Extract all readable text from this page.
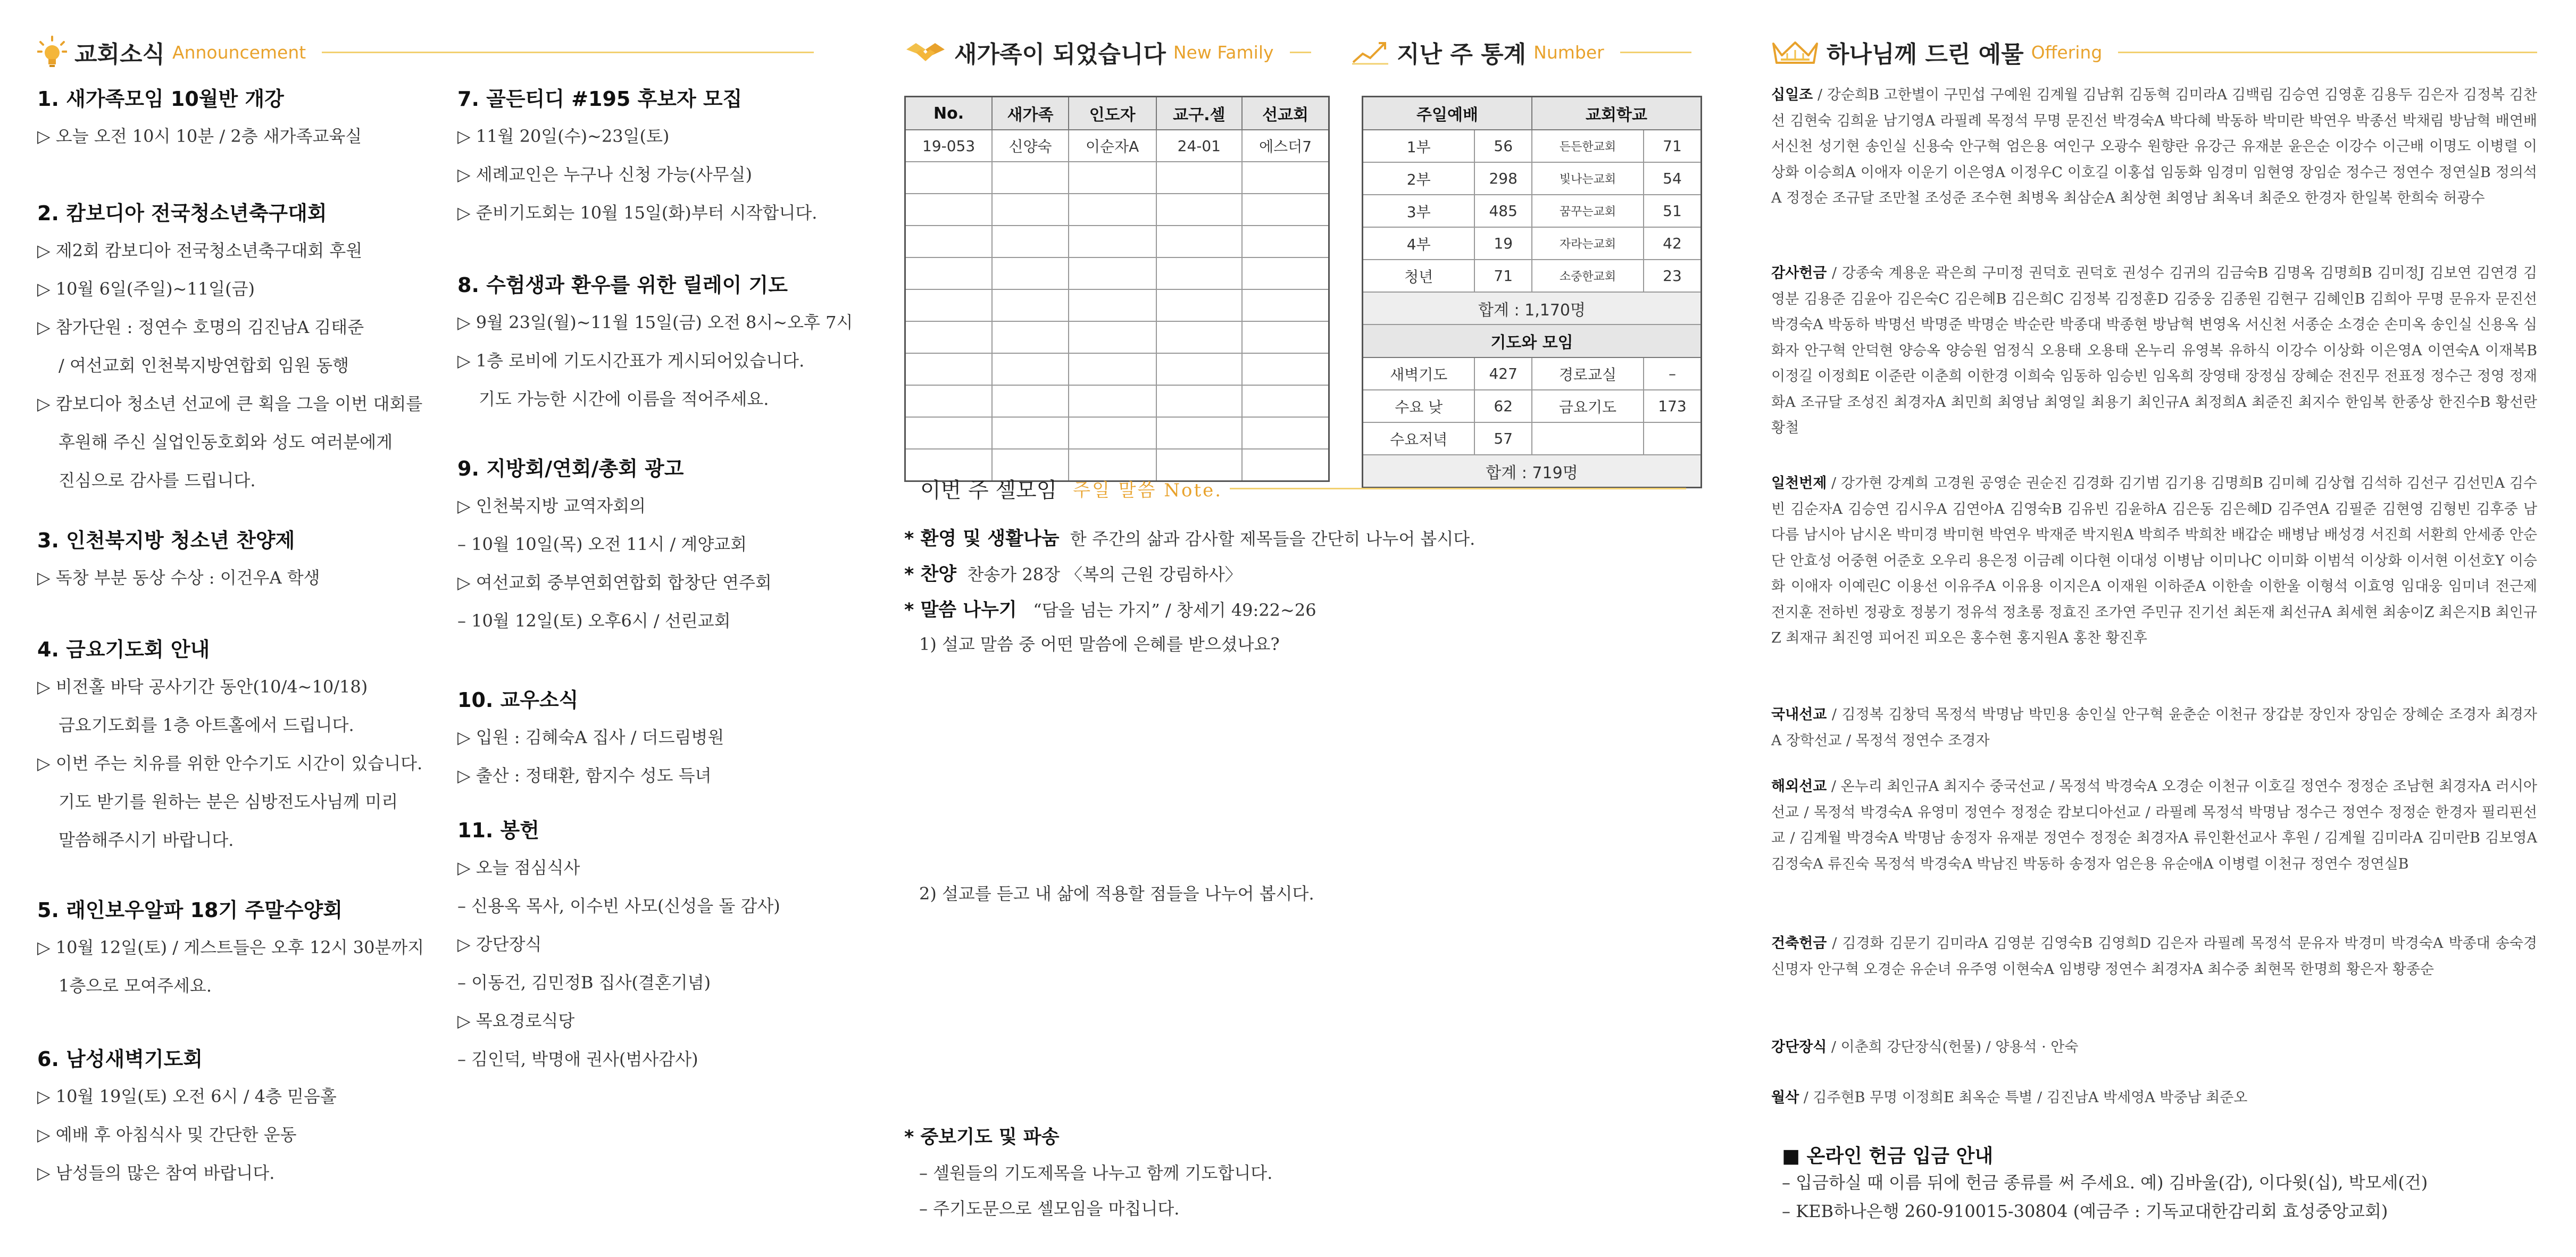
교회소식 Announcement
1. 새가족모임 10월반 개강
▷ 오늘 오전 10시 10분 / 2층 새가족교육실
2. 캄보디아 전국청소년축구대회
▷ 제2회 캄보디아 전국청소년축구대회 후원
▷ 10월 6일(주일)~11일(금)
▷ 참가단원 : 정연수 호명의 김진남A 김태준
/ 여선교회 인천북지방연합회 임원 동행
▷ 캄보디아 청소년 선교에 큰 획을 그을 이번 대회를
후원해 주신 실업인동호회와 성도 여러분에게
진심으로 감사를 드립니다.
3. 인천북지방 청소년 찬양제
▷ 독창 부분 동상 수상 : 이건우A 학생
4. 금요기도회 안내
▷ 비전홀 바닥 공사기간 동안(10/4~10/18)
금요기도회를 1층 아트홀에서 드립니다.
▷ 이번 주는 치유를 위한 안수기도 시간이 있습니다.
기도 받기를 원하는 분은 심방전도사님께 미리
말씀해주시기 바랍니다.
5. 래인보우알파 18기 주말수양회
▷ 10월 12일(토) / 게스트들은 오후 12시 30분까지
1층으로 모여주세요.
6. 남성새벽기도회
▷ 10월 19일(토) 오전 6시 / 4층 믿음홀
▷ 예배 후 아침식사 및 간단한 운동
▷ 남성들의 많은 참여 바랍니다.
7. 골든티디 #195 후보자 모집
▷ 11월 20일(수)~23일(토)
▷ 세례교인은 누구나 신청 가능(사무실)
▷ 준비기도회는 10월 15일(화)부터 시작합니다.
8. 수험생과 환우를 위한 릴레이 기도
▷ 9월 23일(월)~11월 15일(금) 오전 8시~오후 7시
▷ 1층 로비에 기도시간표가 게시되어있습니다.
기도 가능한 시간에 이름을 적어주세요.
9. 지방회/연회/총회 광고
▷ 인천북지방 교역자회의
– 10월 10일(목) 오전 11시 / 계양교회
▷ 여선교회 중부연회연합회 합창단 연주회
– 10월 12일(토) 오후6시 / 선린교회
10. 교우소식
▷ 입원 : 김혜숙A 집사 / 더드림병원
▷ 출산 : 정태환, 함지수 성도 득녀
11. 봉헌
▷ 오늘 점심식사
– 신용옥 목사, 이수빈 사모(신성을 돌 감사)
▷ 강단장식
– 이동건, 김민정B 집사(결혼기념)
▷ 목요경로식당
– 김인덕, 박명애 권사(범사감사)
새가족이 되었습니다 New Family	지난 주 통계 Number
No.	새가족	인도자	교구.셀	선교회
19-053	신양숙	이순자A	24-01	에스더7

주일예배		교회학교	
1부	56	든든한교회	71
2부	298	빛나는교회	54
3부	485	꿈꾸는교회	51
4부	19	자라는교회	42
청년	71	소중한교회	23
합계 : 1,170명			
기도와 모임			
새벽기도	427	경로교실	–
수요 낮	62	금요기도	173
수요저녁	57		
합계 : 719명			
이번 주 셀모임 주일 말씀 Note.
* 환영 및 생활나눔 한 주간의 삶과 감사할 제목들을 간단히 나누어 봅시다.
* 찬양 찬송가 28장 〈복의 근원 강림하사〉
* 말씀 나누기 “담을 넘는 가지” / 창세기 49:22~26
1) 설교 말씀 중 어떤 말씀에 은혜를 받으셨나요?
2) 설교를 듣고 내 삶에 적용할 점들을 나누어 봅시다.
* 중보기도 및 파송
– 셀원들의 기도제목을 나누고 함께 기도합니다.
– 주기도문으로 셀모임을 마칩니다.
하나님께 드린 예물 Offering
십일조 / 강순희B 고한별이 구민섭 구예원 김계월 김남휘 김동혁 김미라A 김백림 김승연 김영훈 김용두 김은자 김정복 김찬선 김현숙 김희윤 남기영A 라필례 목정석 무명 문진선 박경숙A 박다혜 박동하 박미란 박연우 박종선 박채림 방남혁 배연배 서신천 성기현 송인실 신용숙 안구혁 엄은용 여인구 오광수 원향란 유강근 유재분 윤은순 이강수 이근배 이명도 이병렬 이상화 이승희A 이애자 이운기 이은영A 이정우C 이호길 이홍섭 임동화 임경미 임현영 장임순 정수근 정연수 정연실B 정의석A 정정순 조규달 조만철 조성준 조수현 최병옥 최삼순A 최상현 최영남 최옥녀 최준오 한경자 한일복 한희숙 허광수
감사헌금 / 강종숙 계용운 곽은희 구미정 권덕호 권덕호 권성수 김귀의 김금숙B 김명옥 김명희B 김미정J 김보연 김연경 김영분 김용준 김윤아 김은숙C 김은혜B 김은희C 김정복 김정훈D 김중웅 김종원 김현구 김혜인B 김희아 무명 문유자 문진선 박경숙A 박동하 박명선 박명준 박명순 박순란 박종대 박종현 방남혁 변영옥 서신천 서종순 소경순 손미옥 송인실 신용옥 심화자 안구혁 안덕현 양승옥 양승원 엄정식 오용태 오용태 온누리 유영복 유하식 이강수 이상화 이은영A 이연숙A 이재복B 이정길 이정희E 이준란 이춘희 이한경 이희숙 임동하 임승빈 임옥희 장영태 장정심 장혜순 전진무 전표정 정수근 정영 정재화A 조규달 조성진 최경자A 최민희 최영남 최영일 최용기 최인규A 최정희A 최준진 최지수 한임복 한종상 한진수B 황선란 황철
일천번제 / 강가현 강계희 고경원 공영순 권순진 김경화 김기범 김기용 김명희B 김미혜 김상협 김석하 김선구 김선민A 김수빈 김순자A 김승연 김시우A 김연아A 김영숙B 김유빈 김윤하A 김은동 김은혜D 김주연A 김필준 김현영 김형빈 김후중 남다름 남시아 남시온 박미경 박미현 박연우 박재준 박지원A 박희주 박희찬 배갑순 배병남 배성경 서진희 서환희 안세종 안순단 안효성 어중현 어준호 오우리 용은정 이금례 이다현 이대성 이병남 이미나C 이미화 이범석 이상화 이서현 이선호Y 이승화 이애자 이예린C 이용선 이유주A 이유용 이지은A 이재원 이하준A 이한솔 이한울 이형석 이효영 임대웅 임미녀 전근제 전지훈 전하빈 정광호 정봉기 정유석 정초롱 정효진 조가연 주민규 진기선 최돈재 최선규A 최세현 최송이Z 최은지B 최인규Z 최재규 최진영 피어진 피오은 홍수현 홍지원A 홍찬 황진후
국내선교 / 김정복 김창덕 목정석 박명남 박민용 송인실 안구혁 윤춘순 이천규 장갑분 장인자 장임순 장혜순 조경자 최경자A 장학선교 / 목정석 정연수 조경자
해외선교 / 온누리 최인규A 최지수 중국선교 / 목정석 박경숙A 오경순 이천규 이호길 정연수 정정순 조남현 최경자A 러시아선교 / 목정석 박경숙A 유영미 정연수 정정순 캄보디아선교 / 라필례 목정석 박명남 정수근 정연수 정정순 한경자 필리핀선교 / 김계월 박경숙A 박명남 송정자 유재분 정연수 정정순 최경자A 류인환선교사 후원 / 김계월 김미라A 김미란B 김보영A 김정숙A 류진숙 목정석 박경숙A 박남진 박동하 송정자 엄은용 유순애A 이병렬 이천규 정연수 정연실B
건축헌금 / 김경화 김문기 김미라A 김영분 김영숙B 김영희D 김은자 라필례 목정석 문유자 박경미 박경숙A 박종대 송숙경 신명자 안구혁 오경순 유순녀 유주영 이현숙A 임병량 정연수 최경자A 최수중 최현목 한명희 황은자 황종순
강단장식 / 이춘희 강단장식(헌물) / 양용석 · 안숙
월삭 / 김주현B 무명 이정희E 최옥순 특별 / 김진남A 박세영A 박중남 최준오
■ 온라인 헌금 입금 안내
– 입금하실 때 이름 뒤에 헌금 종류를 써 주세요. 예) 김바울(감), 이다윗(십), 박모세(건)
– KEB하나은행 260-910015-30804 (예금주 : 기독교대한감리회 효성중앙교회)
